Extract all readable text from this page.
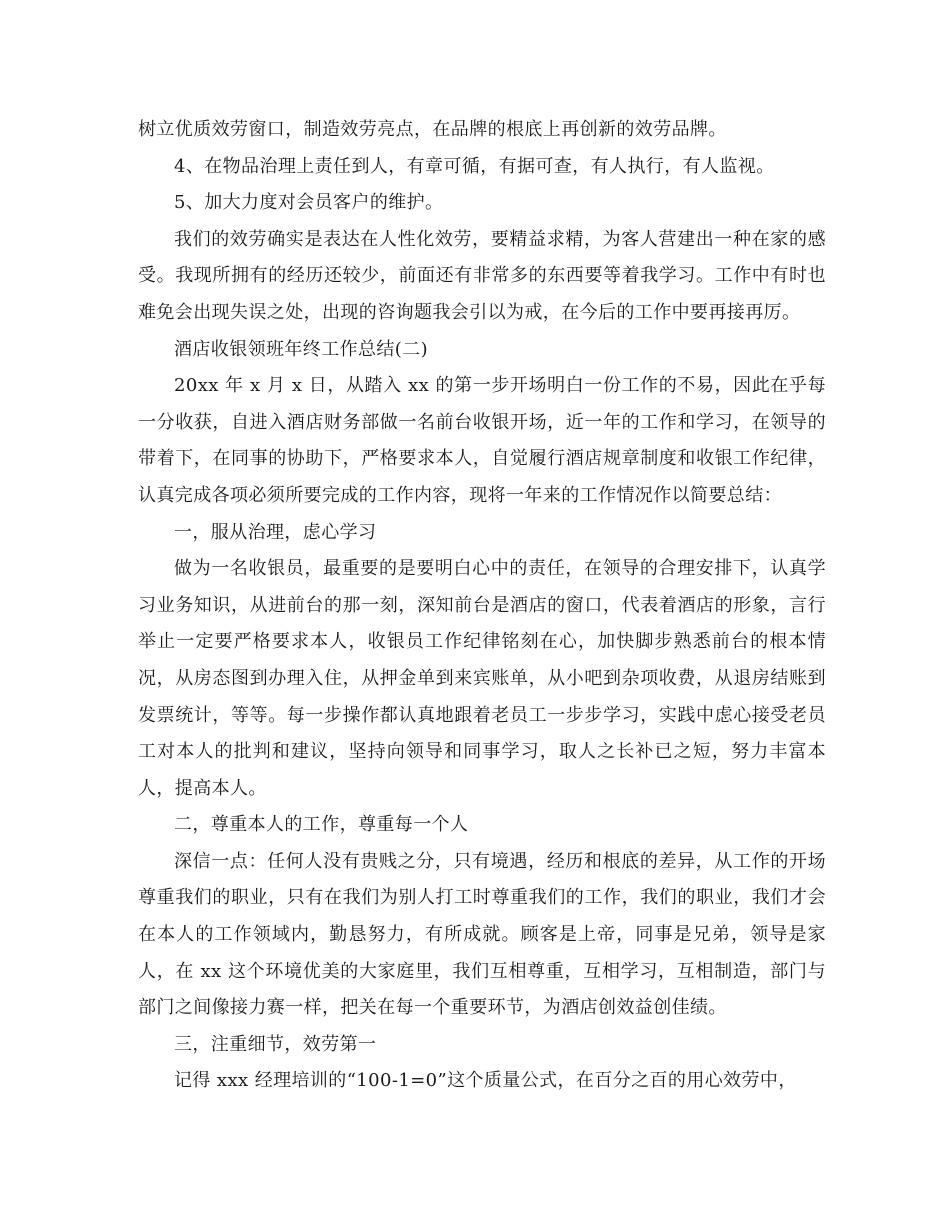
树立优质效劳窗口，制造效劳亮点，在品牌的根底上再创新的效劳品牌。

4、在物品治理上责任到人，有章可循，有据可查，有人执行，有人监视。

5、加大力度对会员客户的维护。

我们的效劳确实是表达在人性化效劳，要精益求精，为客人营建出一种在家的感受。我现所拥有的经历还较少，前面还有非常多的东西要等着我学习。工作中有时也难免会出现失误之处，出现的咨询题我会引以为戒，在今后的工作中要再接再厉。

酒店收银领班年终工作总结(二)

20xx 年 x 月 x 日，从踏入 xx 的第一步开场明白一份工作的不易，因此在乎每一分收获，自进入酒店财务部做一名前台收银开场，近一年的工作和学习，在领导的带着下，在同事的协助下，严格要求本人，自觉履行酒店规章制度和收银工作纪律，认真完成各项必须所要完成的工作内容，现将一年来的工作情况作以简要总结：

一，服从治理，虑心学习

做为一名收银员，最重要的是要明白心中的责任，在领导的合理安排下，认真学习业务知识，从进前台的那一刻，深知前台是酒店的窗口，代表着酒店的形象，言行举止一定要严格要求本人，收银员工作纪律铭刻在心，加快脚步熟悉前台的根本情况，从房态图到办理入住，从押金单到来宾账单，从小吧到杂项收费，从退房结账到发票统计，等等。每一步操作都认真地跟着老员工一步步学习，实践中虑心接受老员工对本人的批判和建议，坚持向领导和同事学习，取人之长补已之短，努力丰富本人，提高本人。

二，尊重本人的工作，尊重每一个人

深信一点：任何人没有贵贱之分，只有境遇，经历和根底的差异，从工作的开场尊重我们的职业，只有在我们为别人打工时尊重我们的工作，我们的职业，我们才会在本人的工作领域内，勤恳努力，有所成就。顾客是上帝，同事是兄弟，领导是家人，在 xx 这个环境优美的大家庭里，我们互相尊重，互相学习，互相制造，部门与部门之间像接力赛一样，把关在每一个重要环节，为酒店创效益创佳绩。

三，注重细节，效劳第一

记得 xxx 经理培训的“100-1=0”这个质量公式，在百分之百的用心效劳中，
